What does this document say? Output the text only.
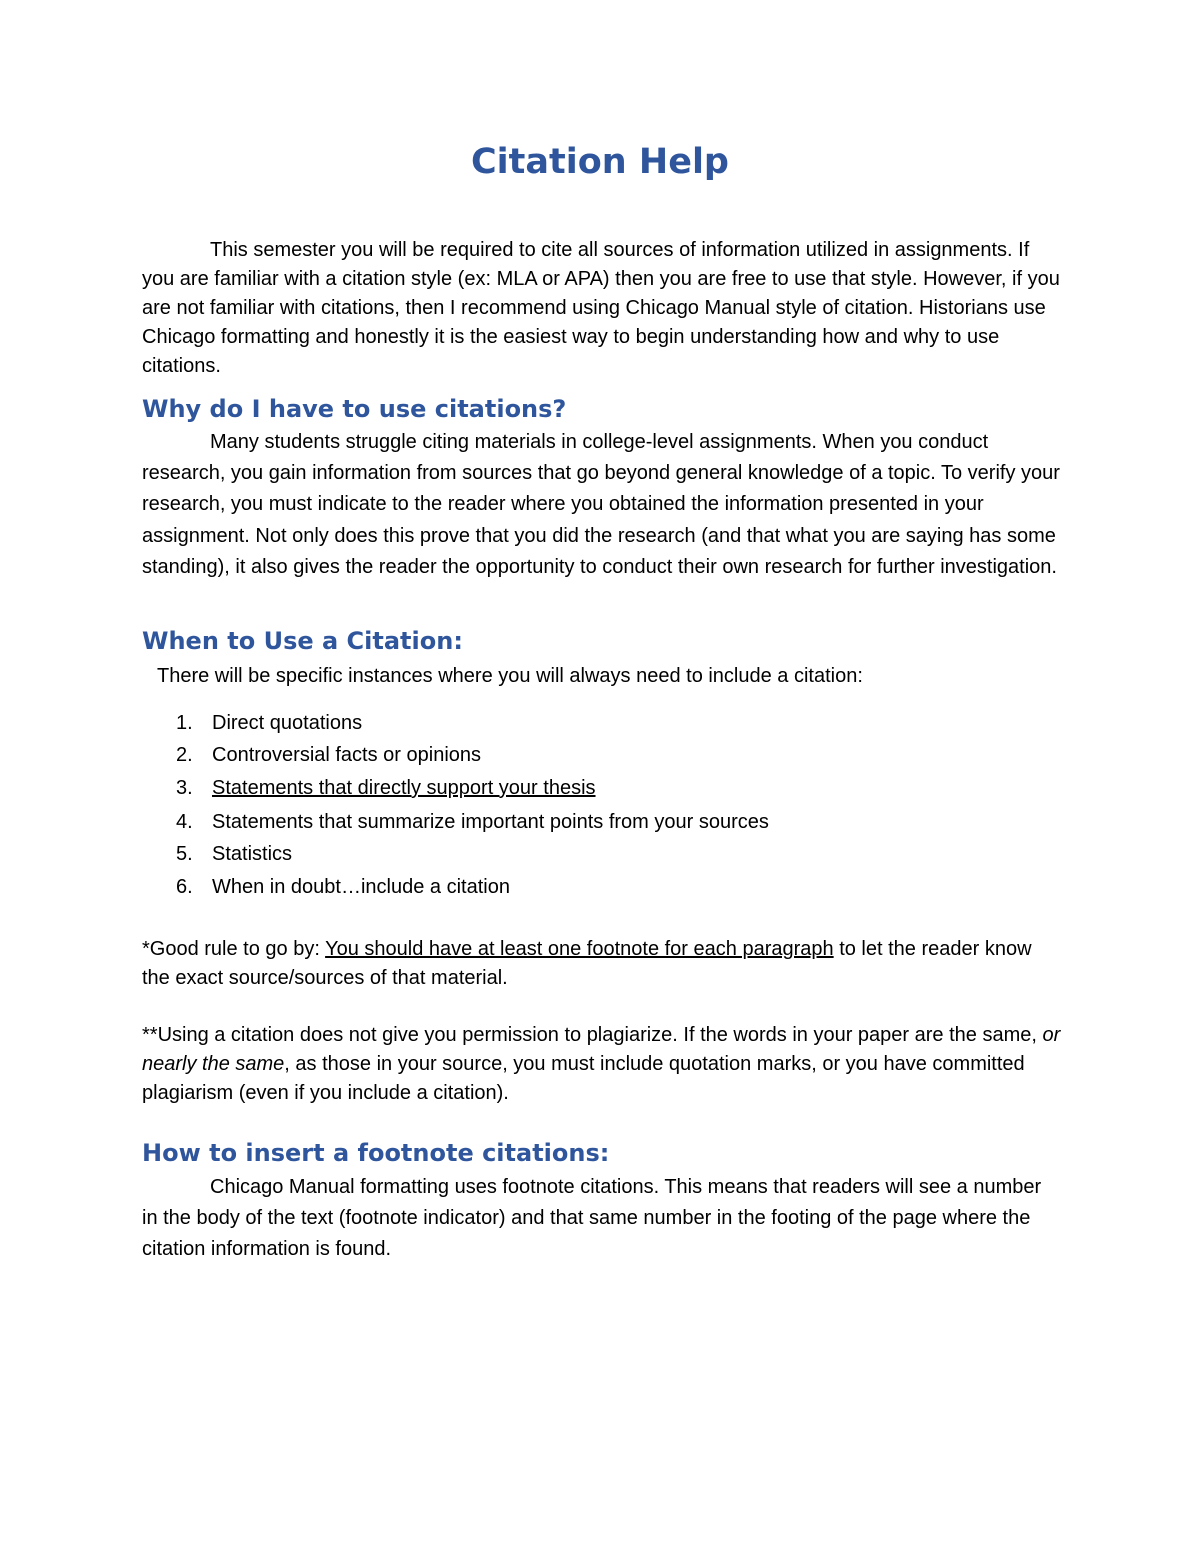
Citation Help

This semester you will be required to cite all sources of information utilized in assignments. If you are familiar with a citation style (ex: MLA or APA) then you are free to use that style. However, if you are not familiar with citations, then I recommend using Chicago Manual style of citation. Historians use Chicago formatting and honestly it is the easiest way to begin understanding how and why to use citations.

Why do I have to use citations?

Many students struggle citing materials in college-level assignments. When you conduct research, you gain information from sources that go beyond general knowledge of a topic. To verify your research, you must indicate to the reader where you obtained the information presented in your assignment. Not only does this prove that you did the research (and that what you are saying has some standing), it also gives the reader the opportunity to conduct their own research for further investigation.

When to Use a Citation:

There will be specific instances where you will always need to include a citation:

1. Direct quotations
2. Controversial facts or opinions
3. Statements that directly support your thesis
4. Statements that summarize important points from your sources
5. Statistics
6. When in doubt…include a citation

*Good rule to go by: You should have at least one footnote for each paragraph to let the reader know the exact source/sources of that material.

**Using a citation does not give you permission to plagiarize. If the words in your paper are the same, or nearly the same, as those in your source, you must include quotation marks, or you have committed plagiarism (even if you include a citation).

How to insert a footnote citations:

Chicago Manual formatting uses footnote citations. This means that readers will see a number in the body of the text (footnote indicator) and that same number in the footing of the page where the citation information is found.
